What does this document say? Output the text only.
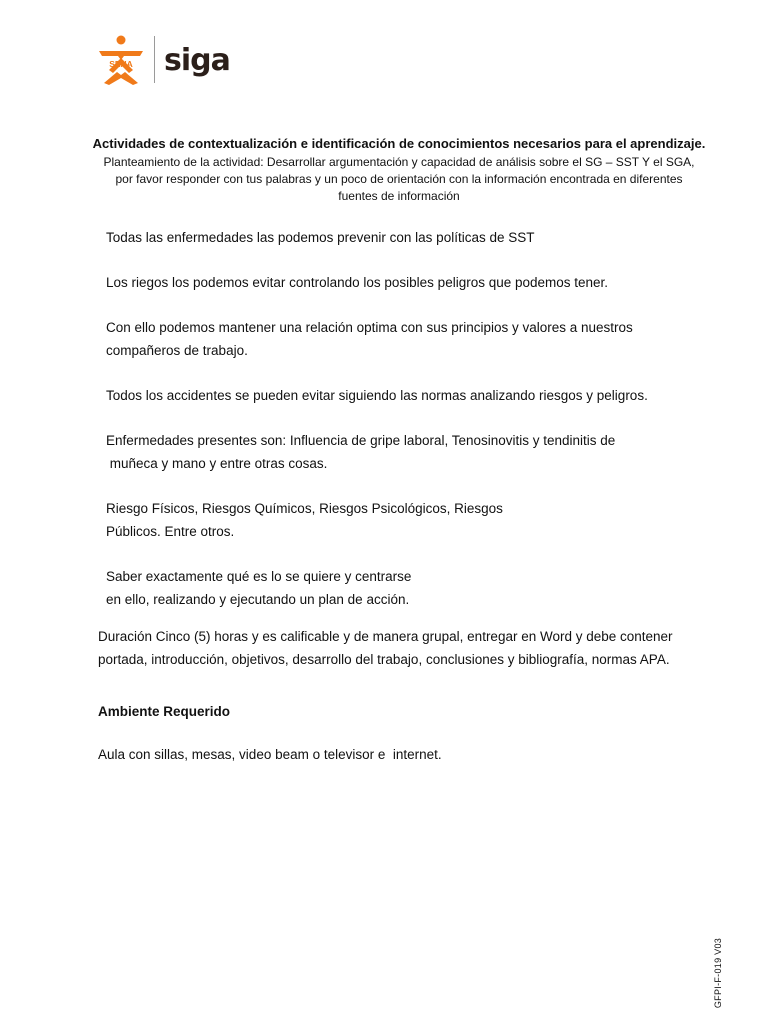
SENA siga
Actividades de contextualización e identificación de conocimientos necesarios para el aprendizaje.
Planteamiento de la actividad: Desarrollar argumentación y capacidad de análisis sobre el SG – SST Y el SGA,
por favor responder con tus palabras y un poco de orientación con la información encontrada en diferentes
fuentes de información
Todas las enfermedades las podemos prevenir con las políticas de SST
Los riegos los podemos evitar controlando los posibles peligros que podemos tener.
Con ello podemos mantener una relación optima con sus principios y valores a nuestros
compañeros de trabajo.
Todos los accidentes se pueden evitar siguiendo las normas analizando riesgos y peligros.
Enfermedades presentes son: Influencia de gripe laboral, Tenosinovitis y tendinitis de
muñeca y mano y entre otras cosas.
Riesgo Físicos, Riesgos Químicos, Riesgos Psicológicos, Riesgos
Públicos. Entre otros.
Saber exactamente qué es lo se quiere y centrarse
en ello, realizando y ejecutando un plan de acción.
Duración Cinco (5) horas y es calificable y de manera grupal, entregar en Word y debe contener
portada, introducción, objetivos, desarrollo del trabajo, conclusiones y bibliografía, normas APA.
Ambiente Requerido
Aula con sillas, mesas, video beam o televisor e  internet.
GFPI-F-019 V03
